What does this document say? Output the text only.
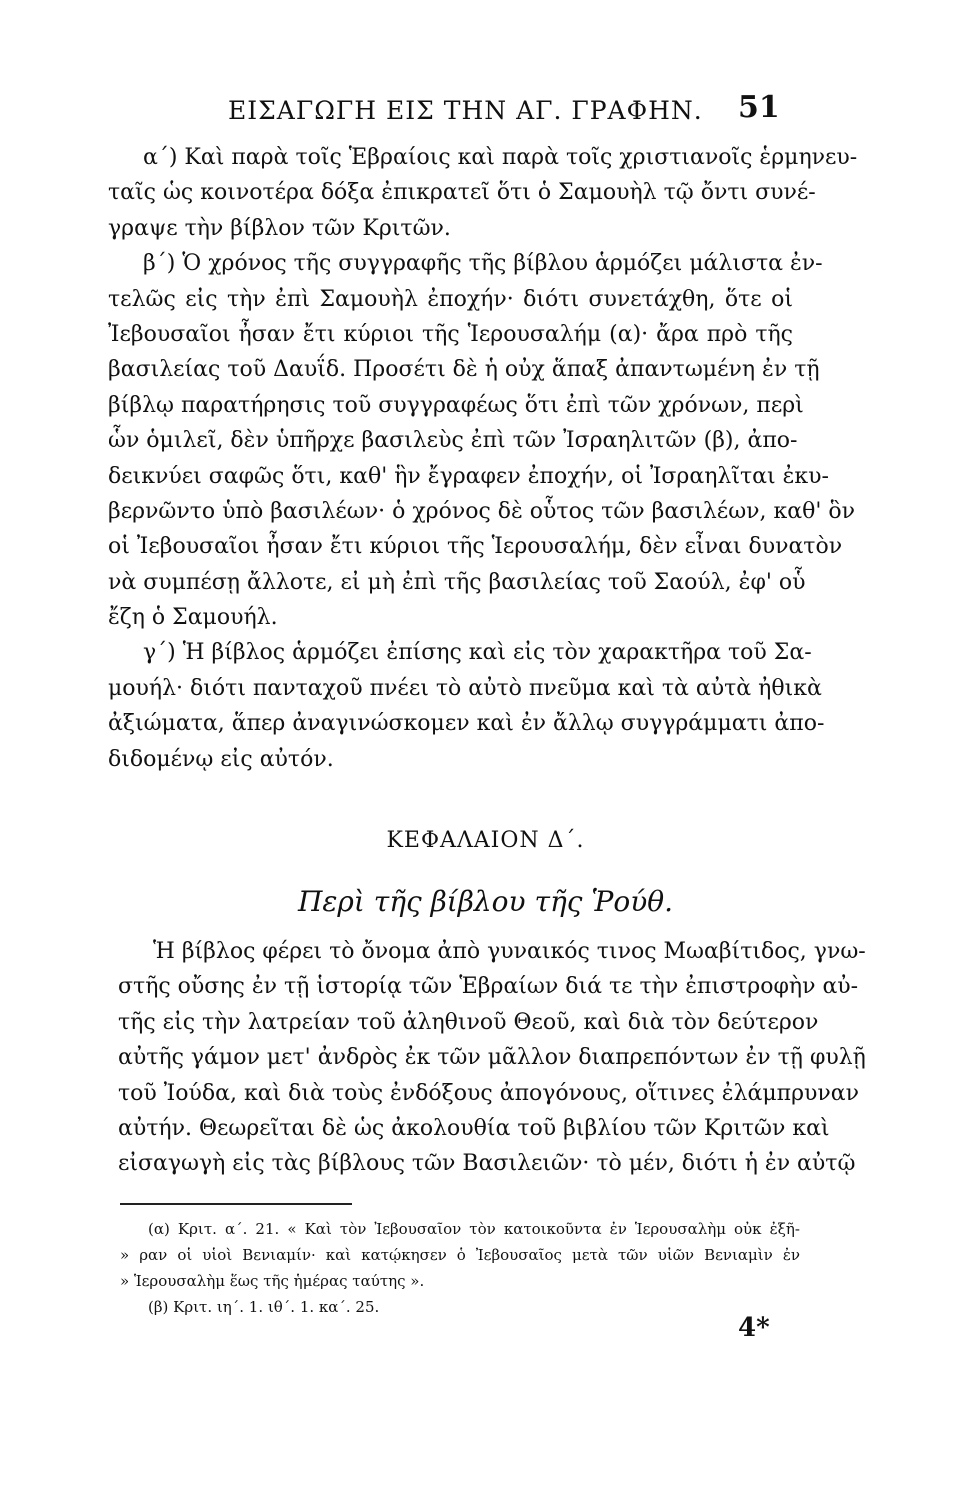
ΕΙΣΑΓΩΓΗ ΕΙΣ ΤΗΝ ΑΓ. ΓΡΑΦΗΝ. 51
α΄) Καὶ παρὰ τοῖς Ἑβραίοις καὶ παρὰ τοῖς χριστιανοῖς ἑρμηνευ-
ταῖς ὡς κοινοτέρα δόξα ἐπικρατεῖ ὅτι ὁ Σαμουὴλ τῷ ὄντι συνέ-
γραψε τὴν βίβλον τῶν Κριτῶν.
β΄) Ὁ χρόνος τῆς συγγραφῆς τῆς βίβλου ἁρμόζει μάλιστα ἐν-
τελῶς εἰς τὴν ἐπὶ Σαμουὴλ ἐποχήν· διότι συνετάχθη, ὅτε οἱ
Ἰεβουσαῖοι ἦσαν ἔτι κύριοι τῆς Ἱερουσαλήμ (α)· ἄρα πρὸ τῆς
βασιλείας τοῦ Δαυΐδ. Προσέτι δὲ ἡ οὐχ ἅπαξ ἀπαντωμένη ἐν τῇ
βίβλῳ παρατήρησις τοῦ συγγραφέως ὅτι ἐπὶ τῶν χρόνων, περὶ
ὧν ὁμιλεῖ, δὲν ὑπῆρχε βασιλεὺς ἐπὶ τῶν Ἰσραηλιτῶν (β), ἀπο-
δεικνύει σαφῶς ὅτι, καθ' ἣν ἔγραφεν ἐποχήν, οἱ Ἰσραηλῖται ἐκυ-
βερνῶντο ὑπὸ βασιλέων· ὁ χρόνος δὲ οὗτος τῶν βασιλέων, καθ' ὃν
οἱ Ἰεβουσαῖοι ἦσαν ἔτι κύριοι τῆς Ἱερουσαλήμ, δὲν εἶναι δυνατὸν
νὰ συμπέσῃ ἄλλοτε, εἰ μὴ ἐπὶ τῆς βασιλείας τοῦ Σαούλ, ἐφ' οὗ
ἔζη ὁ Σαμουήλ.
γ΄) Ἡ βίβλος ἁρμόζει ἐπίσης καὶ εἰς τὸν χαρακτῆρα τοῦ Σα-
μουήλ· διότι πανταχοῦ πνέει τὸ αὐτὸ πνεῦμα καὶ τὰ αὐτὰ ἠθικὰ
ἀξιώματα, ἅπερ ἀναγινώσκομεν καὶ ἐν ἄλλῳ συγγράμματι ἀπο-
διδομένῳ εἰς αὐτόν.
ΚΕΦΑΛΑΙΟΝ Δ΄.
Περὶ τῆς βίβλου τῆς Ῥούθ.
Ἡ βίβλος φέρει τὸ ὄνομα ἀπὸ γυναικός τινος Μωαβίτιδος, γνω-
στῆς οὔσης ἐν τῇ ἱστορίᾳ τῶν Ἑβραίων διά τε τὴν ἐπιστροφὴν αὐ-
τῆς εἰς τὴν λατρείαν τοῦ ἀληθινοῦ Θεοῦ, καὶ διὰ τὸν δεύτερον
αὐτῆς γάμον μετ' ἀνδρὸς ἐκ τῶν μᾶλλον διαπρεπόντων ἐν τῇ φυλῇ
τοῦ Ἰούδα, καὶ διὰ τοὺς ἐνδόξους ἀπογόνους, οἵτινες ἐλάμπρυναν
αὐτήν. Θεωρεῖται δὲ ὡς ἀκολουθία τοῦ βιβλίου τῶν Κριτῶν καὶ
εἰσαγωγὴ εἰς τὰς βίβλους τῶν Βασιλειῶν· τὸ μέν, διότι ἡ ἐν αὐτῷ
(α) Κριτ. α΄. 21. « Καὶ τὸν Ἰεβουσαῖον τὸν κατοικοῦντα ἐν Ἱερουσαλὴμ οὐκ ἐξῆ-
» ραν οἱ υἱοὶ Βενιαμίν· καὶ κατῴκησεν ὁ Ἰεβουσαῖος μετὰ τῶν υἱῶν Βενιαμὶν ἐν
» Ἱερουσαλὴμ ἕως τῆς ἡμέρας ταύτης ».
(β) Κριτ. ιη΄. 1. ιθ΄. 1. κα΄. 25.
4*
